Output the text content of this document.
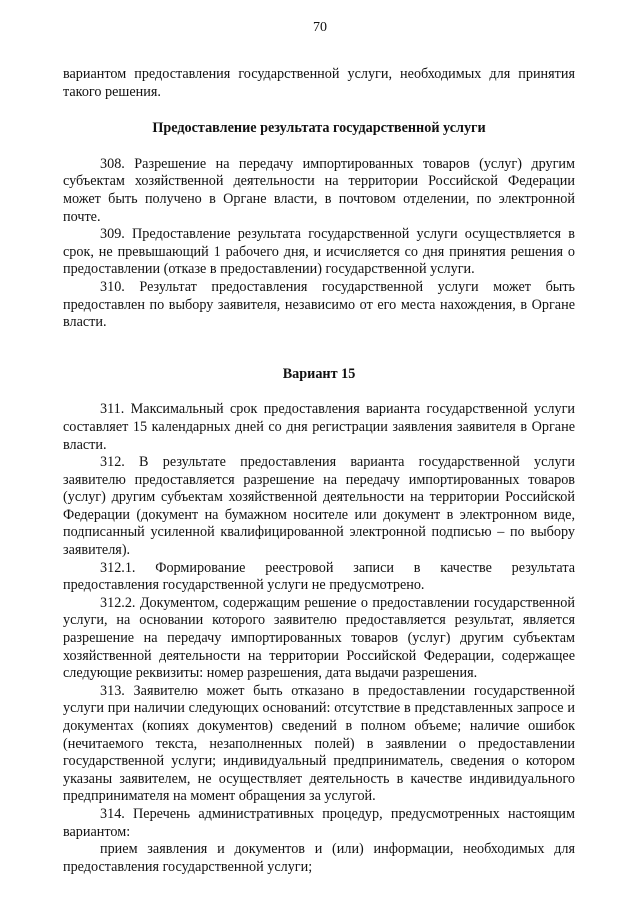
70

вариантом предоставления государственной услуги, необходимых для принятия такого решения.

Предоставление результата государственной услуги

308. Разрешение на передачу импортированных товаров (услуг) другим субъектам хозяйственной деятельности на территории Российской Федерации может быть получено в Органе власти, в почтовом отделении, по электронной почте.

309. Предоставление результата государственной услуги осуществляется в срок, не превышающий 1 рабочего дня, и исчисляется со дня принятия решения о предоставлении (отказе в предоставлении) государственной услуги.

310. Результат предоставления государственной услуги может быть предоставлен по выбору заявителя, независимо от его места нахождения, в Органе власти.

Вариант 15

311. Максимальный срок предоставления варианта государственной услуги составляет 15 календарных дней со дня регистрации заявления заявителя в Органе власти.

312. В результате предоставления варианта государственной услуги заявителю предоставляется разрешение на передачу импортированных товаров (услуг) другим субъектам хозяйственной деятельности на территории Российской Федерации (документ на бумажном носителе или документ в электронном виде, подписанный усиленной квалифицированной электронной подписью – по выбору заявителя).

312.1. Формирование реестровой записи в качестве результата предоставления государственной услуги не предусмотрено.

312.2. Документом, содержащим решение о предоставлении государственной услуги, на основании которого заявителю предоставляется результат, является разрешение на передачу импортированных товаров (услуг) другим субъектам хозяйственной деятельности на территории Российской Федерации, содержащее следующие реквизиты: номер разрешения, дата выдачи разрешения.

313. Заявителю может быть отказано в предоставлении государственной услуги при наличии следующих оснований: отсутствие в представленных запросе и документах (копиях документов) сведений в полном объеме; наличие ошибок (нечитаемого текста, незаполненных полей) в заявлении о предоставлении государственной услуги; индивидуальный предприниматель, сведения о котором указаны заявителем, не осуществляет деятельность в качестве индивидуального предпринимателя на момент обращения за услугой.

314. Перечень административных процедур, предусмотренных настоящим вариантом:

прием заявления и документов и (или) информации, необходимых для предоставления государственной услуги;
